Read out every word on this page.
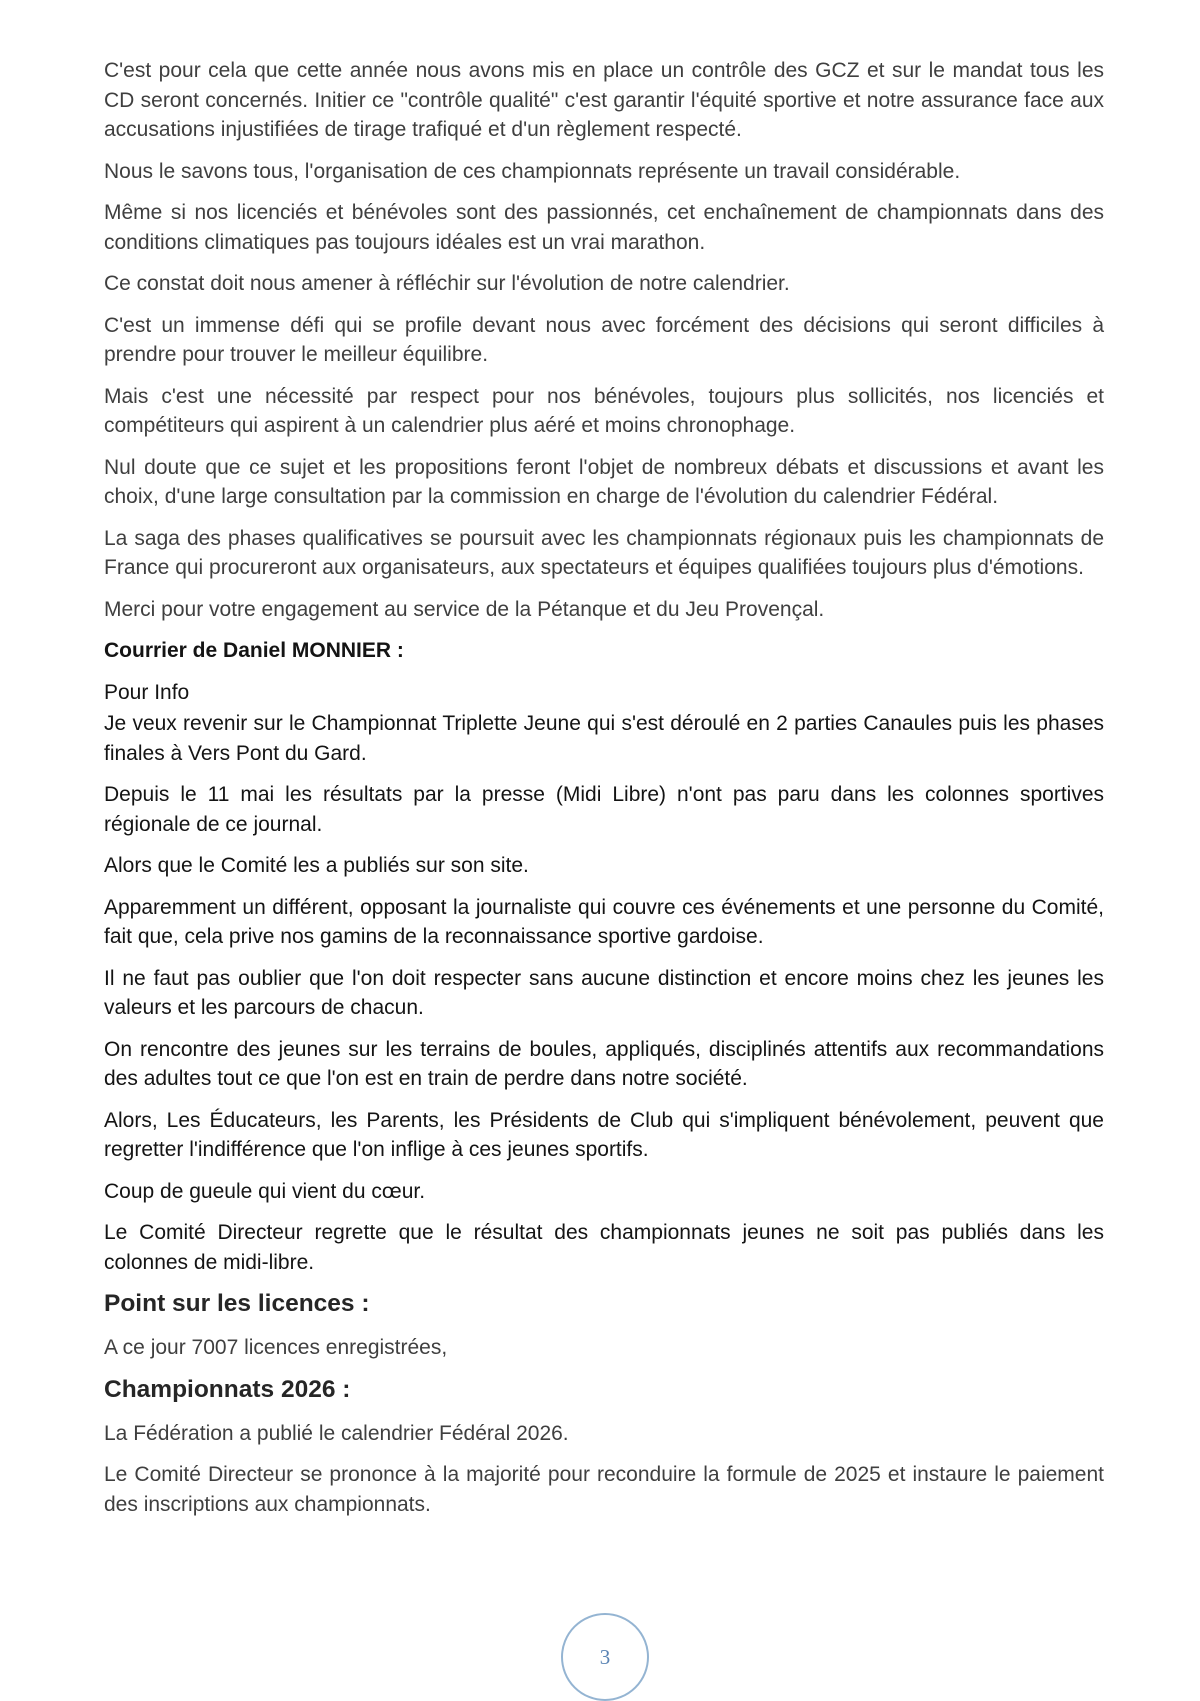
C'est pour cela que cette année nous avons mis en place un contrôle des GCZ et sur le mandat tous les CD seront concernés. Initier ce "contrôle qualité" c'est garantir l'équité sportive et notre assurance face aux accusations injustifiées de tirage trafiqué et d'un règlement respecté.

Nous le savons tous, l'organisation de ces championnats représente un travail considérable.

Même si nos licenciés et bénévoles sont des passionnés, cet enchaînement de championnats dans des conditions climatiques pas toujours idéales est un vrai marathon.

Ce constat doit nous amener à réfléchir sur l'évolution de notre calendrier.

C'est un immense défi qui se profile devant nous avec forcément des décisions qui seront difficiles à prendre pour trouver le meilleur équilibre.

Mais c'est une nécessité par respect pour nos bénévoles, toujours plus sollicités, nos licenciés et compétiteurs qui aspirent à un calendrier plus aéré et moins chronophage.

Nul doute que ce sujet et les propositions feront l'objet de nombreux débats et discussions et avant les choix, d'une large consultation par la commission en charge de l'évolution du calendrier Fédéral.

La saga des phases qualificatives se poursuit avec les championnats régionaux puis les championnats de France qui procureront aux organisateurs, aux spectateurs et équipes qualifiées toujours plus d'émotions.

Merci pour votre engagement au service de la Pétanque et du Jeu Provençal.

Courrier de Daniel MONNIER :

Pour Info

Je veux revenir sur le Championnat Triplette Jeune qui s'est déroulé en 2 parties Canaules puis les phases finales à Vers Pont du Gard.

Depuis le 11 mai les résultats par la presse (Midi Libre) n'ont pas paru dans les colonnes sportives régionale de ce journal.

Alors que le Comité les a publiés sur son site.

Apparemment un différent, opposant la journaliste qui couvre ces événements et une personne du Comité, fait que, cela prive nos gamins de la reconnaissance sportive gardoise.

Il ne faut pas oublier que l'on doit respecter sans aucune distinction et encore moins chez les jeunes les valeurs et les parcours de chacun.

On rencontre des jeunes sur les terrains de boules, appliqués, disciplinés attentifs aux recommandations des adultes tout ce que l'on est en train de perdre dans notre société.

Alors, Les Éducateurs, les Parents, les Présidents de Club qui s'impliquent bénévolement, peuvent que regretter l'indifférence que l'on inflige à ces jeunes sportifs.

Coup de gueule qui vient du cœur.

Le Comité Directeur regrette que le résultat des championnats jeunes ne soit pas publiés dans les colonnes de midi-libre.

Point sur les licences :

A ce jour 7007 licences enregistrées,

Championnats 2026 :

La Fédération a publié le calendrier Fédéral 2026.

Le Comité Directeur se prononce à la majorité pour reconduire la formule de 2025 et instaure le paiement des inscriptions aux championnats.

3
